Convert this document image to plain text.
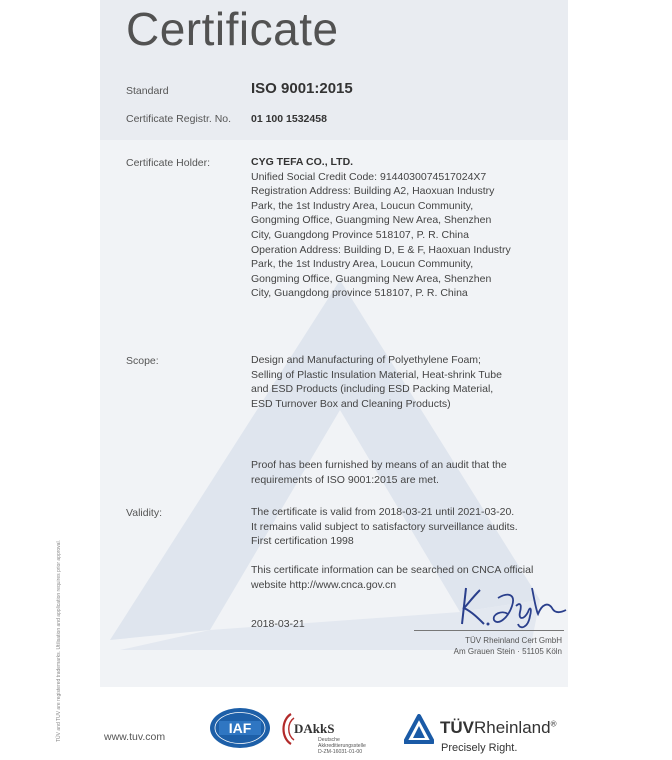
Certificate
Standard	ISO 9001:2015
Certificate Registr. No. 01 100 1532458
Certificate Holder:	CYG TEFA CO., LTD.
Unified Social Credit Code: 9144030074517024X7
Registration Address: Building A2, Haoxuan Industry
Park, the 1st Industry Area, Loucun Community,
Gongming Office, Guangming New Area, Shenzhen
City, Guangdong Province 518107, P. R. China
Operation Address: Building D, E & F, Haoxuan Industry
Park, the 1st Industry Area, Loucun Community,
Gongming Office, Guangming New Area, Shenzhen
City, Guangdong province 518107, P. R. China
Scope:	Design and Manufacturing of Polyethylene Foam;
Selling of Plastic Insulation Material, Heat-shrink Tube
and ESD Products (including ESD Packing Material,
ESD Turnover Box and Cleaning Products)
Proof has been furnished by means of an audit that the
requirements of ISO 9001:2015 are met.
Validity:	The certificate is valid from 2018-03-21 until 2021-03-20.
It remains valid subject to satisfactory surveillance audits.
First certification 1998
This certificate information can be searched on CNCA official
website http://www.cnca.gov.cn
2018-03-21
TÜV Rheinland Cert GmbH
Am Grauen Stein · 51105 Köln
TÜV and TUV are registered trademarks. Utilisation and application requires prior approval.	www.tuv.com
IAF	DAkkS
Deutsche
Akkreditierungsstelle
D-ZM-16031-01-00
TÜVRheinland®
Precisely Right.
